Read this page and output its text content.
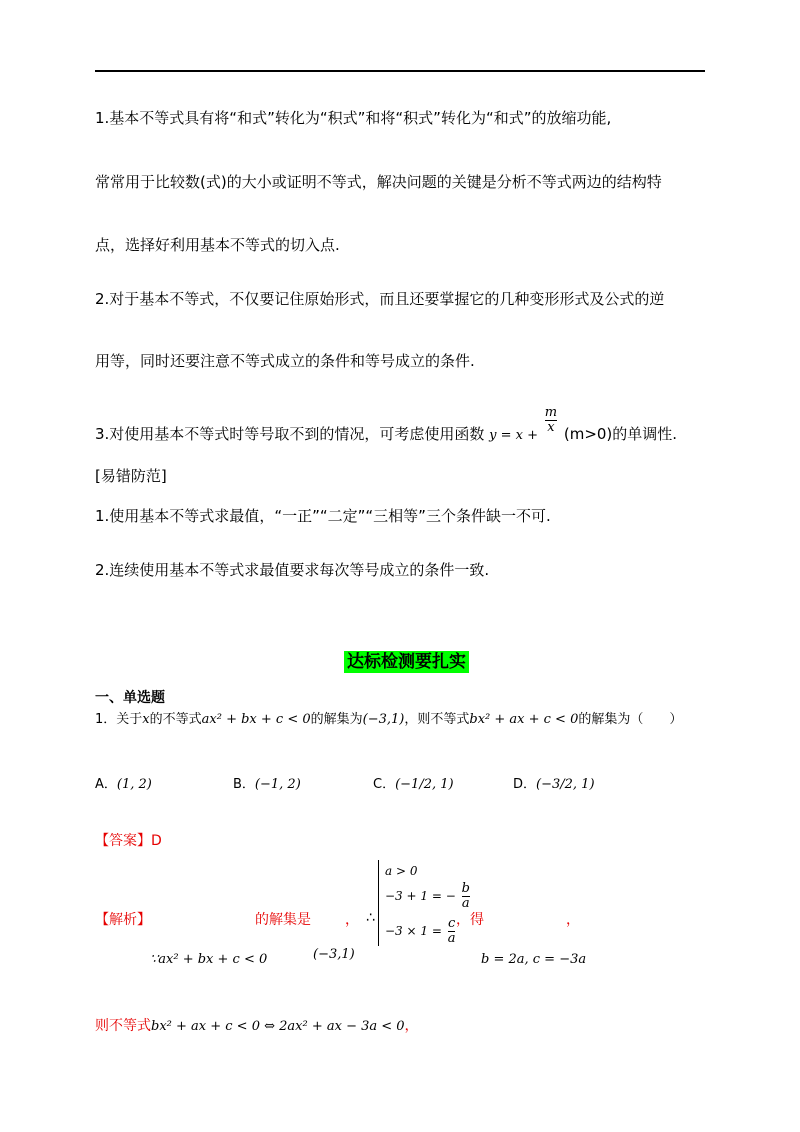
1.基本不等式具有将“和式”转化为“积式”和将“积式”转化为“和式”的放缩功能,
常常用于比较数(式)的大小或证明不等式，解决问题的关键是分析不等式两边的结构特
点，选择好利用基本不等式的切入点.
2.对于基本不等式，不仅要记住原始形式，而且还要掌握它的几种变形形式及公式的逆
用等，同时还要注意不等式成立的条件和等号成立的条件.
3.对使用基本不等式时等号取不到的情况，可考虑使用函数 y = x +
$\frac{m}{x} (m>0)$的单调性.
[易错防范]
1.使用基本不等式求最值，“一正”“二定”“三相等”三个条件缺一不可.
2.连续使用基本不等式求最值要求每次等号成立的条件一致.
达标检测要扎实
一、单选题
1．关于x的不等式ax² + bx + c < 0的解集为(−3,1)，则不等式bx² + ax + c < 0的解集为（　　）
A．(1, 2)	B．(−1, 2)	C．(−1/2, 1)	D．(−3/2, 1)
【答案】D
【解析】	的解集是 ， ∴
a > 0
−3 + 1 = − $\frac{b}{a}$
$-3 \times 1 = \frac{c}{a}$ ，得	，
∵ax² + bx + c < 0	(−3,1)	b = 2a, c = −3a
则不等式bx² + ax + c < 0 ⇔ 2ax² + ax − 3a < 0，
